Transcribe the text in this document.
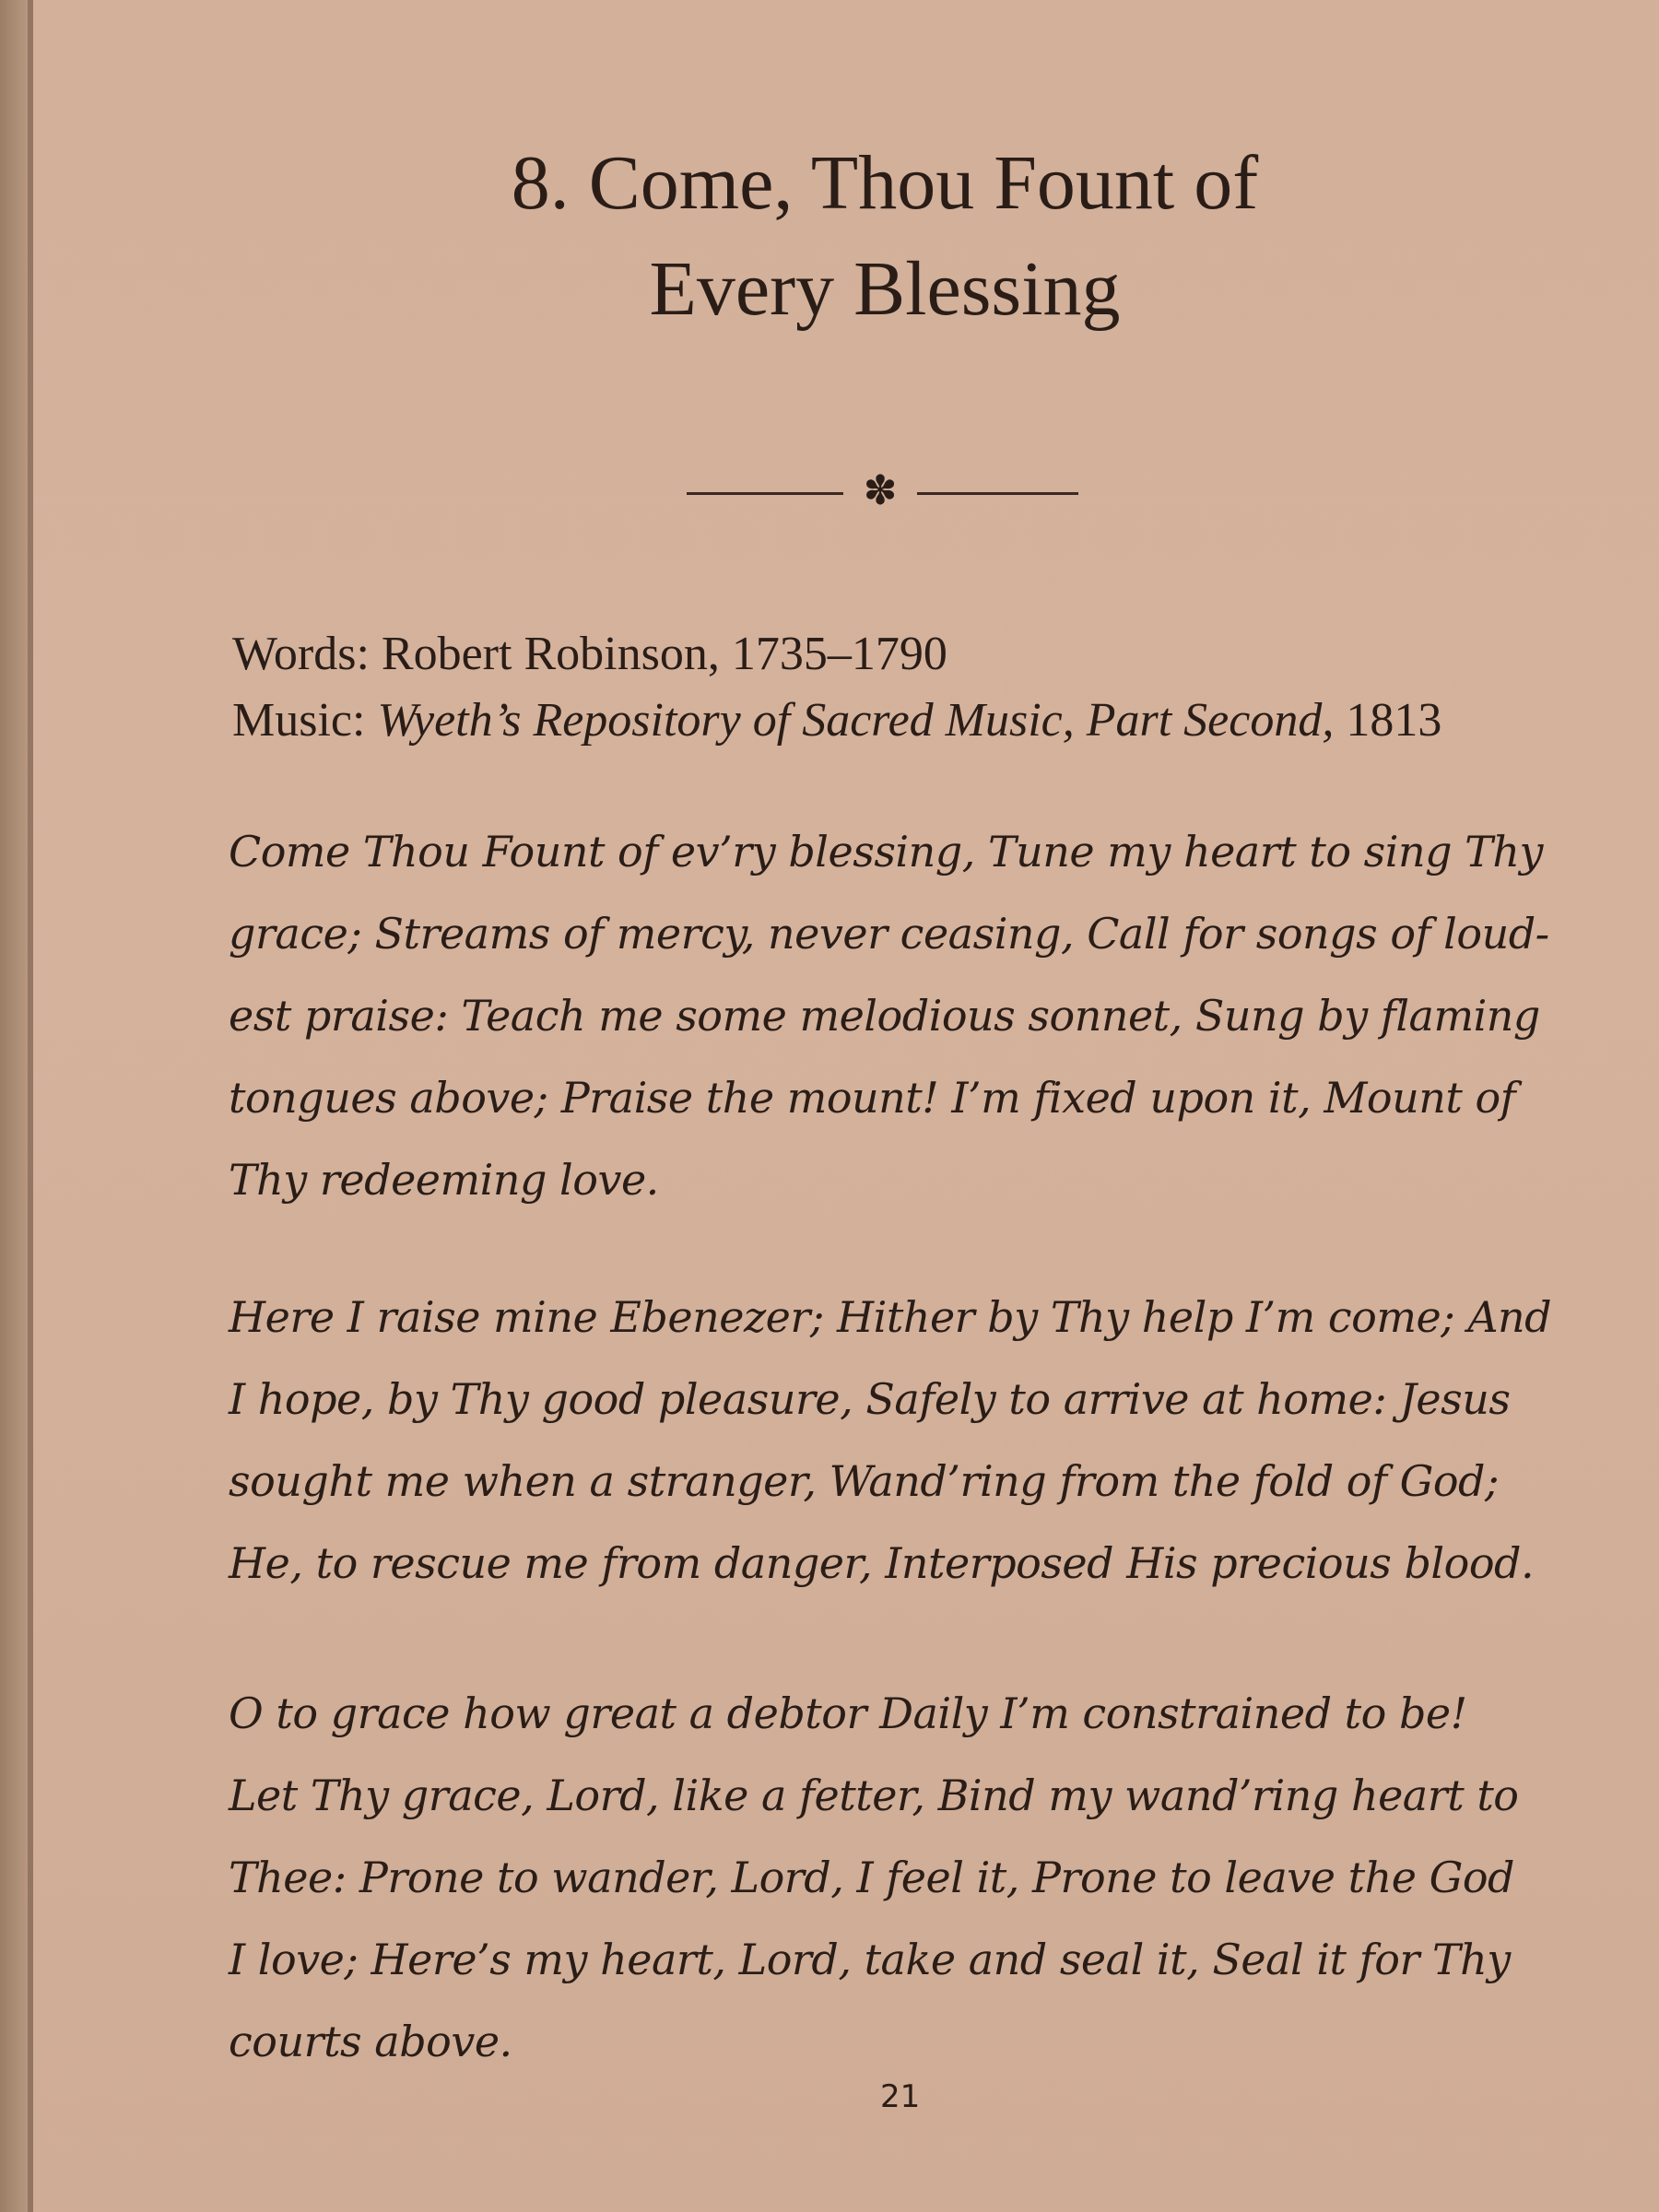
8. Come, Thou Fount of
Every Blessing
✽
Words: Robert Robinson, 1735–1790
Music: Wyeth’s Repository of Sacred Music, Part Second, 1813
Come Thou Fount of ev’ry blessing, Tune my heart to sing Thy
grace; Streams of mercy, never ceasing, Call for songs of loud-
est praise: Teach me some melodious sonnet, Sung by flaming
tongues above; Praise the mount! I’m fixed upon it, Mount of
Thy redeeming love.
Here I raise mine Ebenezer; Hither by Thy help I’m come; And
I hope, by Thy good pleasure, Safely to arrive at home: Jesus
sought me when a stranger, Wand’ring from the fold of God;
He, to rescue me from danger, Interposed His precious blood.
O to grace how great a debtor Daily I’m constrained to be!
Let Thy grace, Lord, like a fetter, Bind my wand’ring heart to
Thee: Prone to wander, Lord, I feel it, Prone to leave the God
I love; Here’s my heart, Lord, take and seal it, Seal it for Thy
courts above.
21
